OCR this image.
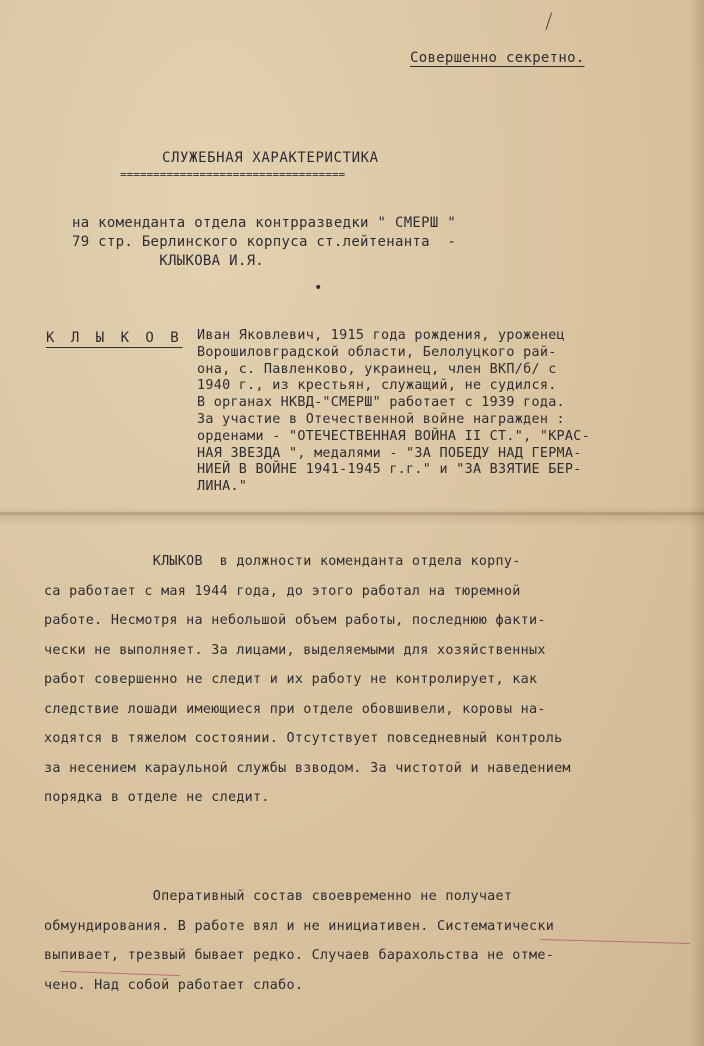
Совершенно секретно.
СЛУЖЕБНАЯ ХАРАКТЕРИСТИКА
==================================
на коменданта отдела контрразведки " СМЕРШ "
79 стр. Берлинского корпуса ст.лейтенанта  -
КЛЫКОВА И.Я.
•
К Л Ы К О В Иван Яковлевич, 1915 года рождения, уроженец
Ворошиловградской области, Белолуцкого рай-
она, с. Павленково, украинец, член ВКП/б/ с
1940 г., из крестьян, служащий, не судился.
В органах НКВД-"СМЕРШ" работает с 1939 года.
За участие в Отечественной войне награжден :
орденами - "ОТЕЧЕСТВЕННАЯ ВОЙНА II СТ.", "КРАС-
НАЯ ЗВЕЗДА ", медалями - "ЗА ПОБЕДУ НАД ГЕРМА-
НИЕЙ В ВОЙНЕ 1941-1945 г.г." и "ЗА ВЗЯТИЕ БЕР-
ЛИНА."
КЛЫКОВ  в должности коменданта отдела корпу-
са работает с мая 1944 года, до этого работал на тюремной
работе. Несмотря на небольшой объем работы, последнюю факти-
чески не выполняет. За лицами, выделяемыми для хозяйственных
работ совершенно не следит и их работу не контролирует, как
следствие лошади имеющиеся при отделе обовшивели, коровы на-
ходятся в тяжелом состоянии. Отсутствует повседневный контроль
за несением караульной службы взводом. За чистотой и наведением
порядка в отделе не следит.
Оперативный состав своевременно не получает
обмундирования. В работе вял и не инициативен. Систематически
выпивает, трезвый бывает редко. Случаев барахольства не отме-
чено. Над собой работает слабо.
